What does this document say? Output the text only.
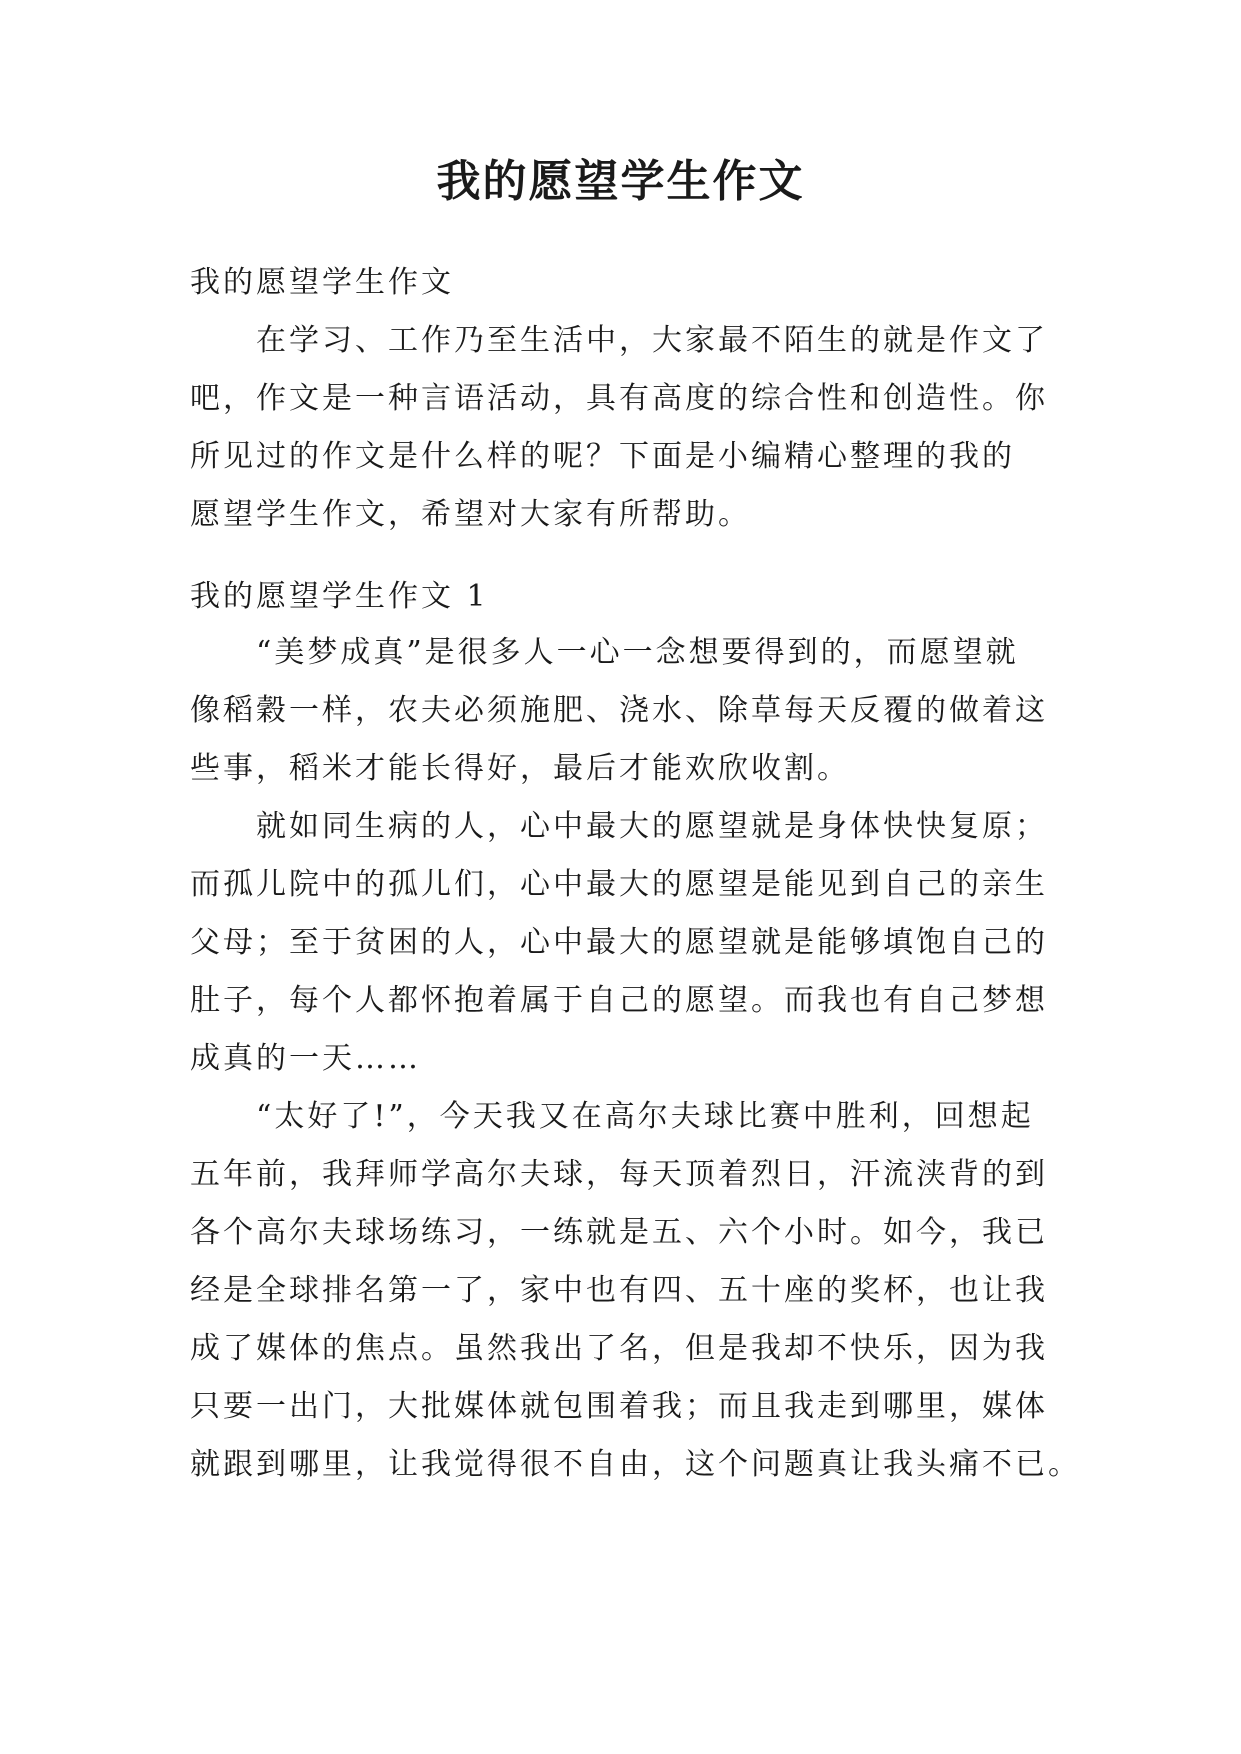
我的愿望学生作文
我的愿望学生作文
在学习、工作乃至生活中，大家最不陌生的就是作文了
吧，作文是一种言语活动，具有高度的综合性和创造性。你
所见过的作文是什么样的呢？下面是小编精心整理的我的
愿望学生作文，希望对大家有所帮助。
我的愿望学生作文 1
“美梦成真”是很多人一心一念想要得到的，而愿望就
像稻穀一样，农夫必须施肥、浇水、除草每天反覆的做着这
些事，稻米才能长得好，最后才能欢欣收割。
就如同生病的人，心中最大的愿望就是身体快快复原；
而孤儿院中的孤儿们，心中最大的愿望是能见到自己的亲生
父母；至于贫困的人，心中最大的愿望就是能够填饱自己的
肚子，每个人都怀抱着属于自己的愿望。而我也有自己梦想
成真的一天……
“太好了!”，今天我又在高尔夫球比赛中胜利，回想起
五年前，我拜师学高尔夫球，每天顶着烈日，汗流浃背的到
各个高尔夫球场练习，一练就是五、六个小时。如今，我已
经是全球排名第一了，家中也有四、五十座的奖杯，也让我
成了媒体的焦点。虽然我出了名，但是我却不快乐，因为我
只要一出门，大批媒体就包围着我；而且我走到哪里，媒体
就跟到哪里，让我觉得很不自由，这个问题真让我头痛不已。
